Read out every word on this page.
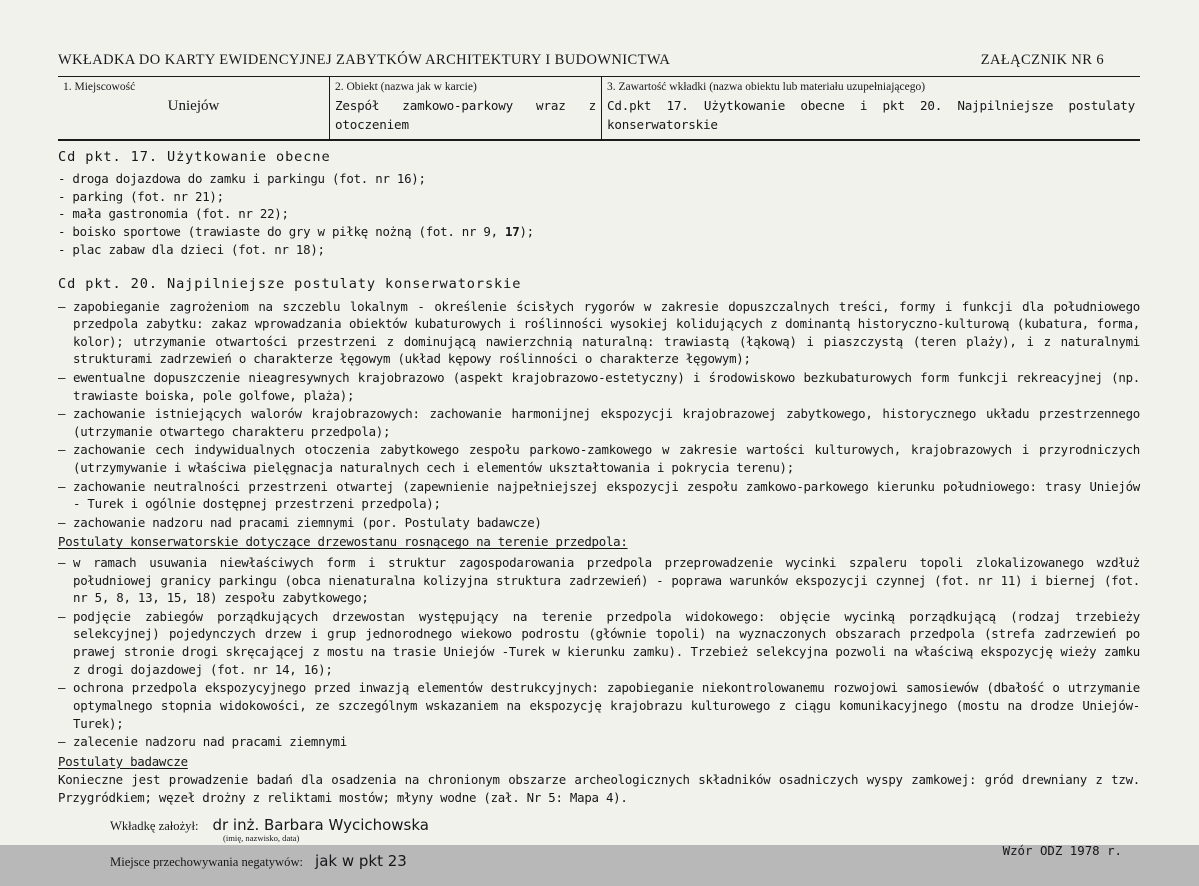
WKŁADKA DO KARTY EWIDENCYJNEJ ZABYTKÓW ARCHITEKTURY I BUDOWNICTWA	ZAŁĄCZNIK NR 6
1. Miejscowość
Uniejów
2. Obiekt (nazwa jak w karcie)
Zespół zamkowo-parkowy wraz z otoczeniem
3. Zawartość wkładki (nazwa obiektu lub materiału uzupełniającego)
Cd.pkt 17. Użytkowanie obecne i pkt 20. Najpilniejsze postulaty konserwatorskie
Cd pkt. 17. Użytkowanie obecne
- droga dojazdowa do zamku i parkingu (fot. nr 16);
- parking (fot. nr 21);
- mała gastronomia (fot. nr 22);
- boisko sportowe (trawiaste do gry w piłkę nożną (fot. nr 9, 17);
- plac zabaw dla dzieci (fot. nr 18);
Cd pkt. 20. Najpilniejsze postulaty konserwatorskie
– zapobieganie zagrożeniom na szczeblu lokalnym - określenie ścisłych rygorów w zakresie dopuszczalnych treści, formy i funkcji dla południowego przedpola zabytku: zakaz wprowadzania obiektów kubaturowych i roślinności wysokiej kolidujących z dominantą historyczno-kulturową (kubatura, forma, kolor); utrzymanie otwartości przestrzeni z dominującą nawierzchnią naturalną: trawiastą (łąkową) i piaszczystą (teren plaży), i z naturalnymi strukturami zadrzewień o charakterze łęgowym (układ kępowy roślinności o charakterze łęgowym);
– ewentualne dopuszczenie nieagresywnych krajobrazowo (aspekt krajobrazowo-estetyczny) i środowiskowo bezkubaturowych form funkcji rekreacyjnej (np. trawiaste boiska, pole golfowe, plaża);
– zachowanie istniejących walorów krajobrazowych: zachowanie harmonijnej ekspozycji krajobrazowej zabytkowego, historycznego układu przestrzennego (utrzymanie otwartego charakteru przedpola);
– zachowanie cech indywidualnych otoczenia zabytkowego zespołu parkowo-zamkowego w zakresie wartości kulturowych, krajobrazowych i przyrodniczych (utrzymywanie i właściwa pielęgnacja naturalnych cech i elementów ukształtowania i pokrycia terenu);
– zachowanie neutralności przestrzeni otwartej (zapewnienie najpełniejszej ekspozycji zespołu zamkowo-parkowego kierunku południowego: trasy Uniejów - Turek i ogólnie dostępnej przestrzeni przedpola);
– zachowanie nadzoru nad pracami ziemnymi (por. Postulaty badawcze)
Postulaty konserwatorskie dotyczące drzewostanu rosnącego na terenie przedpola:
– w ramach usuwania niewłaściwych form i struktur zagospodarowania przedpola przeprowadzenie wycinki szpaleru topoli zlokalizowanego wzdłuż południowej granicy parkingu (obca nienaturalna kolizyjna struktura zadrzewień) - poprawa warunków ekspozycji czynnej (fot. nr 11) i biernej (fot. nr 5, 8, 13, 15, 18) zespołu zabytkowego;
– podjęcie zabiegów porządkujących drzewostan występujący na terenie przedpola widokowego: objęcie wycinką porządkującą (rodzaj trzebieży selekcyjnej) pojedynczych drzew i grup jednorodnego wiekowo podrostu (głównie topoli) na wyznaczonych obszarach przedpola (strefa zadrzewień po prawej stronie drogi skręcającej z mostu na trasie Uniejów -Turek w kierunku zamku). Trzebież selekcyjna pozwoli na właściwą ekspozycję wieży zamku z drogi dojazdowej (fot. nr 14, 16);
– ochrona przedpola ekspozycyjnego przed inwazją elementów destrukcyjnych: zapobieganie niekontrolowanemu rozwojowi samosiewów (dbałość o utrzymanie optymalnego stopnia widokowości, ze szczególnym wskazaniem na ekspozycję krajobrazu kulturowego z ciągu komunikacyjnego (mostu na drodze Uniejów-Turek);
– zalecenie nadzoru nad pracami ziemnymi
Postulaty badawcze
Konieczne jest prowadzenie badań dla osadzenia na chronionym obszarze archeologicznych składników osadniczych wyspy zamkowej: gród drewniany z tzw. Przygródkiem; węzeł drożny z reliktami mostów; młyny wodne (zał. Nr 5: Mapa 4).
Wkładkę założył: dr inż. Barbara Wycichowska
(imię, nazwisko, data)
Miejsce przechowywania negatywów: jak w pkt 23
Wzór ODZ 1978 r.
